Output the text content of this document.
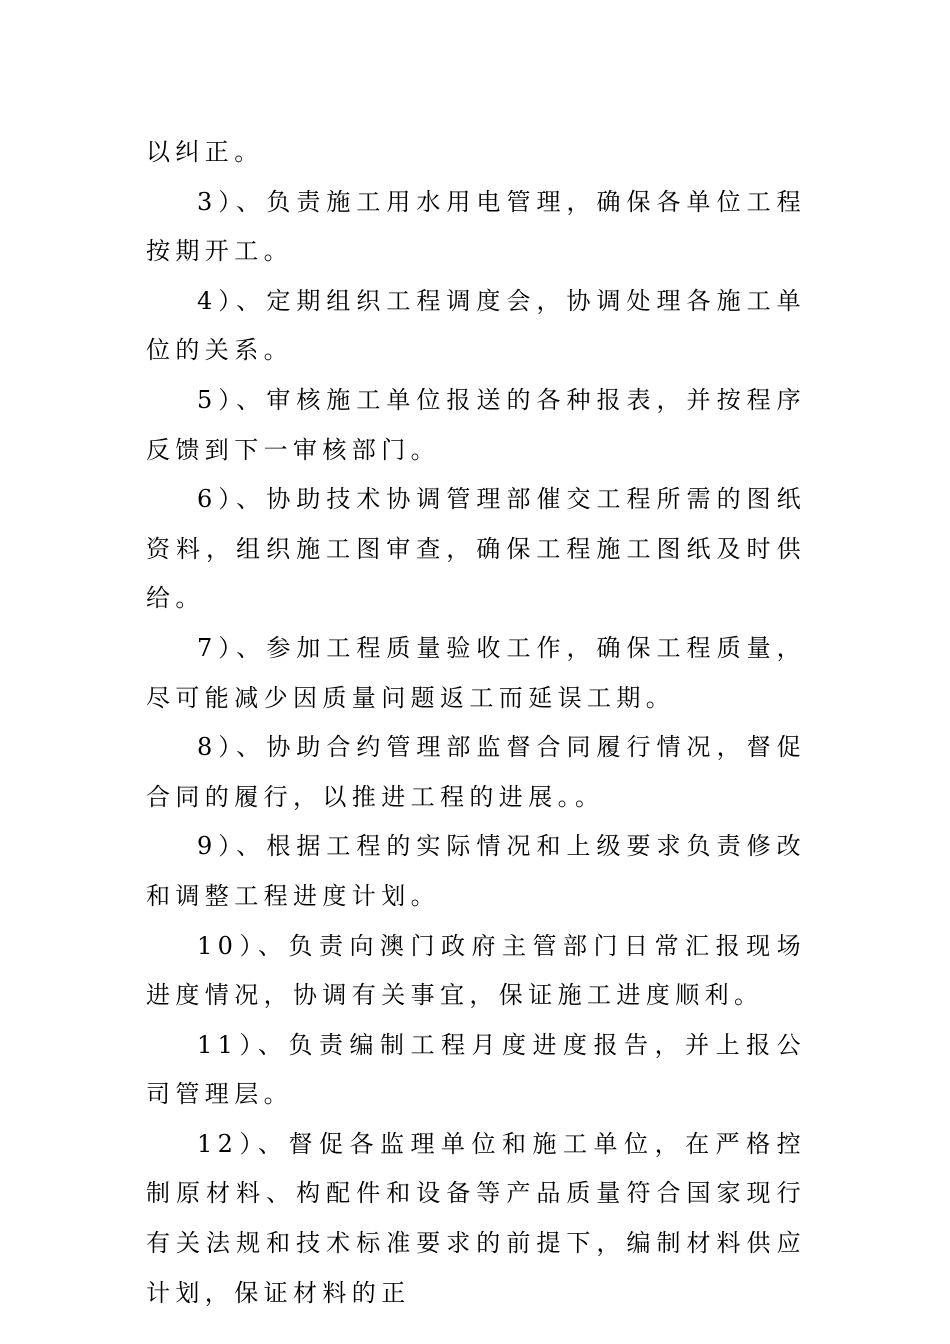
以纠正。

3）、负责施工用水用电管理，确保各单位工程按期开工。

4）、定期组织工程调度会，协调处理各施工单位的关系。

5）、审核施工单位报送的各种报表，并按程序反馈到下一审核部门。

6）、协助技术协调管理部催交工程所需的图纸资料，组织施工图审查，确保工程施工图纸及时供给。

7）、参加工程质量验收工作，确保工程质量，尽可能减少因质量问题返工而延误工期。

8）、协助合约管理部监督合同履行情况，督促合同的履行，以推进工程的进展。。

9）、根据工程的实际情况和上级要求负责修改和调整工程进度计划。

10）、负责向澳门政府主管部门日常汇报现场进度情况，协调有关事宜，保证施工进度顺利。

11）、负责编制工程月度进度报告，并上报公司管理层。

12）、督促各监理单位和施工单位，在严格控制原材料、构配件和设备等产品质量符合国家现行有关法规和技术标准要求的前提下，编制材料供应计划，保证材料的正
